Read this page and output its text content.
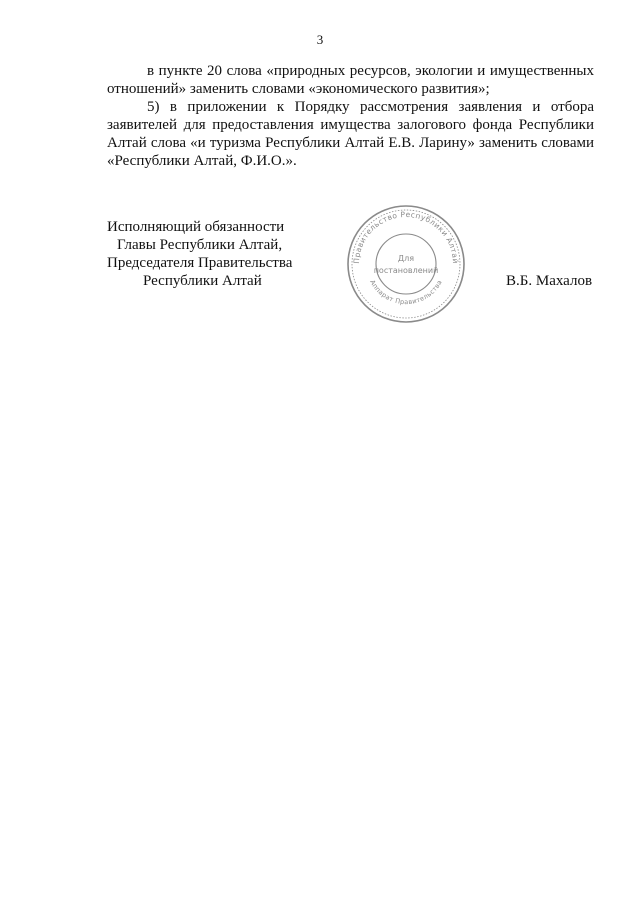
3

в пункте 20 слова «природных ресурсов, экологии и имущественных отношений» заменить словами «экономического развития»;

5) в приложении к Порядку рассмотрения заявления и отбора заявителей для предоставления имущества залогового фонда Республики Алтай слова «и туризма Республики Алтай Е.В. Ларину» заменить словами «Республики Алтай, Ф.И.О.».

Исполняющий обязанности
Главы Республики Алтай,
Председателя Правительства
Республики Алтай	В.Б. Махалов
Правительство Республики Алтай
Аппарат Правительства
Для
постановлений
